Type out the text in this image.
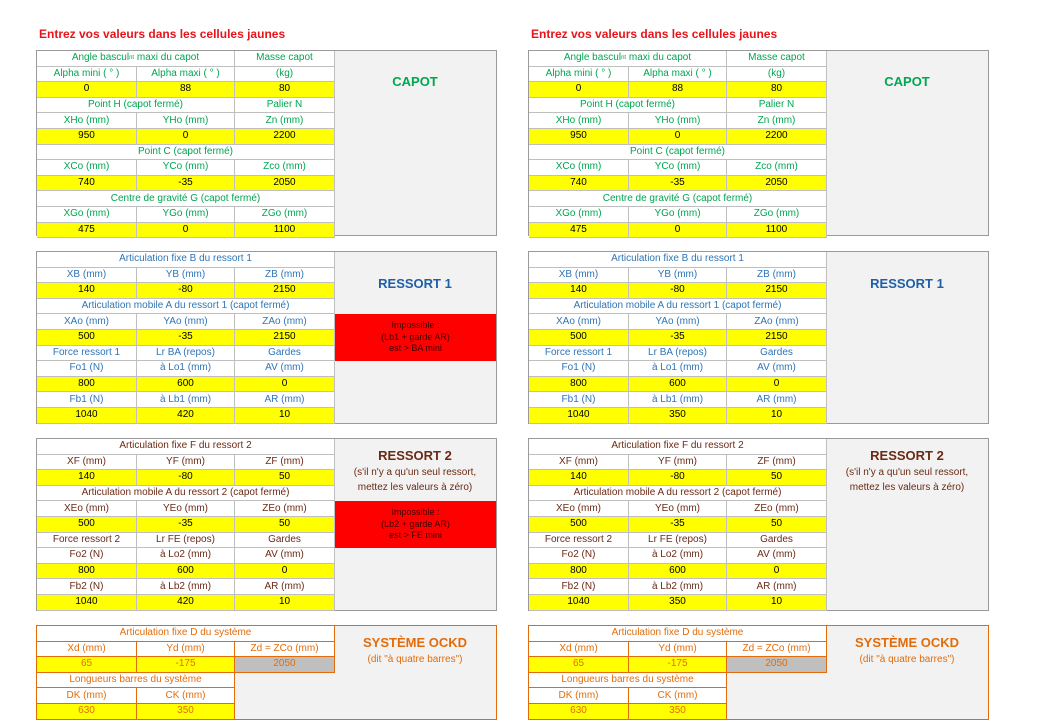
Entrez vos valeurs dans les cellules jaunes
Angle bascul nt maxi du capot	Masse capot
Alpha mini ( ° )	Alpha maxi ( ° )	(kg)
0	88	80
Point H (capot fermé)	Palier N
XHo (mm)	YHo (mm)	Zn (mm)
950	0	2200
Point C (capot fermé)
XCo (mm)	YCo (mm)	Zco (mm)
740	-35	2050
Centre de gravité G (capot fermé)
XGo (mm)	YGo (mm)	ZGo (mm)
475	0	1100
CAPOT
Articulation fixe B du ressort 1
XB (mm)	YB (mm)	ZB (mm)
140	-80	2150
Articulation mobile A du ressort 1 (capot fermé)
XAo (mm)	YAo (mm)	ZAo (mm)
500	-35	2150
Force ressort 1	Lr BA (repos)	Gardes
Fo1 (N)	à Lo1 (mm)	AV (mm)
800	600	0
Fb1 (N)	à Lb1 (mm)	AR (mm)
1040	420	10
RESSORT 1
Impossible :
(Lb1 + garde AR)
est > BA mini
Articulation fixe F du ressort 2
XF (mm)	YF (mm)	ZF (mm)
140	-80	50
Articulation mobile A du ressort 2 (capot fermé)
XEo (mm)	YEo (mm)	ZEo (mm)
500	-35	50
Force ressort 2	Lr FE (repos)	Gardes
Fo2 (N)	à Lo2 (mm)	AV (mm)
800	600	0
Fb2 (N)	à Lb2 (mm)	AR (mm)
1040	420	10
RESSORT 2
(s'il n'y a qu'un seul ressort,
mettez les valeurs à zéro)
Impossible :
(Lb2 + garde AR)
est > FE mini
Articulation fixe D du système
Xd (mm)	Yd (mm)	Zd = ZCo (mm)
65	-175	2050
Longueurs barres du système
DK (mm)	CK (mm)
630	350
SYSTÈME OCKD
(dit "à quatre barres")
Entrez vos valeurs dans les cellules jaunes
Angle bascul nt maxi du capot	Masse capot
Alpha mini ( ° )	Alpha maxi ( ° )	(kg)
0	88	80
Point H (capot fermé)	Palier N
XHo (mm)	YHo (mm)	Zn (mm)
950	0	2200
Point C (capot fermé)
XCo (mm)	YCo (mm)	Zco (mm)
740	-35	2050
Centre de gravité G (capot fermé)
XGo (mm)	YGo (mm)	ZGo (mm)
475	0	1100
CAPOT
Articulation fixe B du ressort 1
XB (mm)	YB (mm)	ZB (mm)
140	-80	2150
Articulation mobile A du ressort 1 (capot fermé)
XAo (mm)	YAo (mm)	ZAo (mm)
500	-35	2150
Force ressort 1	Lr BA (repos)	Gardes
Fo1 (N)	à Lo1 (mm)	AV (mm)
800	600	0
Fb1 (N)	à Lb1 (mm)	AR (mm)
1040	350	10
RESSORT 1
Articulation fixe F du ressort 2
XF (mm)	YF (mm)	ZF (mm)
140	-80	50
Articulation mobile A du ressort 2 (capot fermé)
XEo (mm)	YEo (mm)	ZEo (mm)
500	-35	50
Force ressort 2	Lr FE (repos)	Gardes
Fo2 (N)	à Lo2 (mm)	AV (mm)
800	600	0
Fb2 (N)	à Lb2 (mm)	AR (mm)
1040	350	10
RESSORT 2
(s'il n'y a qu'un seul ressort,
mettez les valeurs à zéro)
Articulation fixe D du système
Xd (mm)	Yd (mm)	Zd = ZCo (mm)
65	-175	2050
Longueurs barres du système
DK (mm)	CK (mm)
630	350
SYSTÈME OCKD
(dit "à quatre barres")
